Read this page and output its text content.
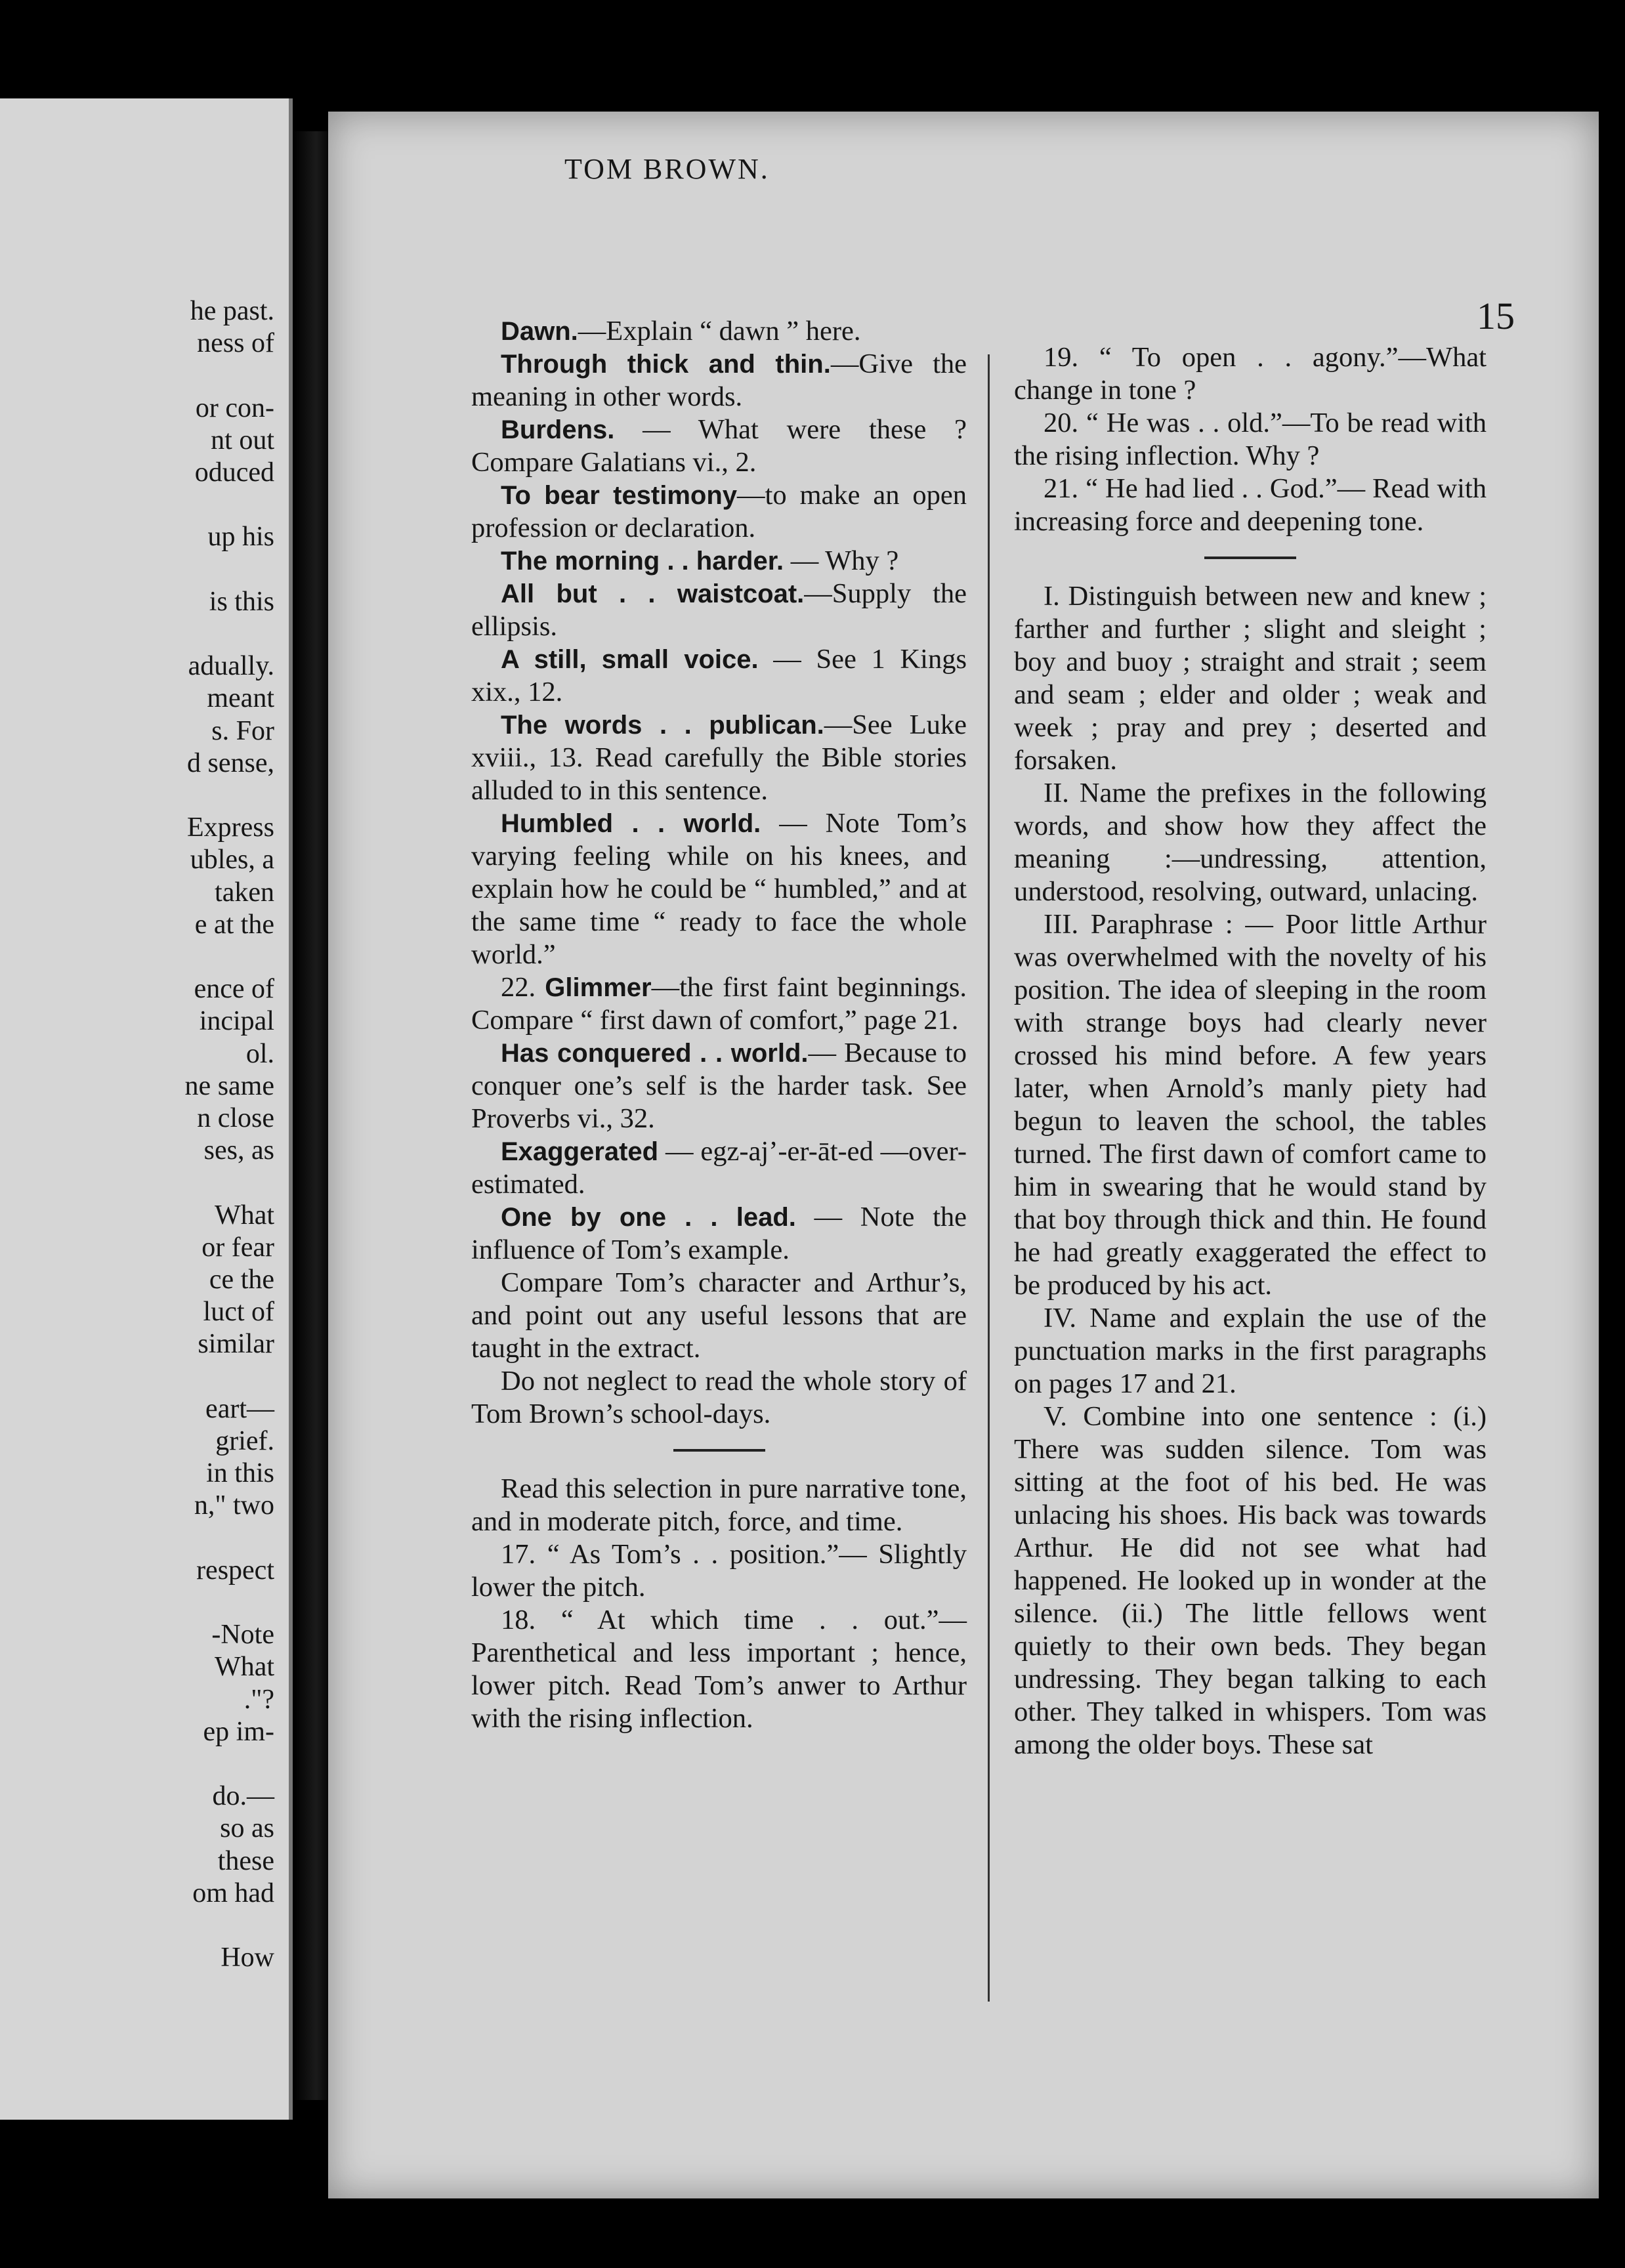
he past.
ness of
or con-
nt out
oduced
up his
is this
adually.
meant
s. For
d sense,
Express
ubles, a
taken
e at the
ence of
incipal
ol.
ne same
n close
ses, as
What
or fear
ce the
luct of
similar
eart—
grief.
in this
n," two
respect
-Note
What
."?
ep im-
do.—
so as
these
om had
How
TOM BROWN.
15

Dawn.—Explain “ dawn ” here.

Through thick and thin.—Give the meaning in other words.

Burdens. — What were these ? Compare Galatians vi., 2.

To bear testimony—to make an open profession or declaration.

The morning . . harder. — Why ?

All but . . waistcoat.—Supply the ellipsis.

A still, small voice. — See 1 Kings xix., 12.

The words . . publican.—See Luke xviii., 13. Read carefully the Bible stories alluded to in this sentence.

Humbled . . world. — Note Tom’s varying feeling while on his knees, and explain how he could be “ humbled,” and at the same time “ ready to face the whole world.”

22. Glimmer—the first faint beginnings. Compare “ first dawn of comfort,” page 21.

Has conquered . . world.— Because to conquer one’s self is the harder task. See Proverbs vi., 32.

Exaggerated — egz-aj’-er-āt-ed —over-estimated.

One by one . . lead. — Note the influence of Tom’s example.

Compare Tom’s character and Arthur’s, and point out any useful lessons that are taught in the extract.

Do not neglect to read the whole story of Tom Brown’s school-days.

Read this selection in pure narrative tone, and in moderate pitch, force, and time.

17. “ As Tom’s . . position.”— Slightly lower the pitch.

18. “ At which time . . out.”— Parenthetical and less important ; hence, lower pitch. Read Tom’s anwer to Arthur with the rising inflection.

19. “ To open . . agony.”—What change in tone ?

20. “ He was . . old.”—To be read with the rising inflection. Why ?

21. “ He had lied . . God.”— Read with increasing force and deepening tone.

I. Distinguish between new and knew ; farther and further ; slight and sleight ; boy and buoy ; straight and strait ; seem and seam ; elder and older ; weak and week ; pray and prey ; deserted and forsaken.

II. Name the prefixes in the following words, and show how they affect the meaning :—undressing, attention, understood, resolving, outward, unlacing.

III. Paraphrase : — Poor little Arthur was overwhelmed with the novelty of his position. The idea of sleeping in the room with strange boys had clearly never crossed his mind before. A few years later, when Arnold’s manly piety had begun to leaven the school, the tables turned. The first dawn of comfort came to him in swearing that he would stand by that boy through thick and thin. He found he had greatly exaggerated the effect to be produced by his act.

IV. Name and explain the use of the punctuation marks in the first paragraphs on pages 17 and 21.

V. Combine into one sentence : (i.) There was sudden silence. Tom was sitting at the foot of his bed. He was unlacing his shoes. His back was towards Arthur. He did not see what had happened. He looked up in wonder at the silence. (ii.) The little fellows went quietly to their own beds. They began undressing. They began talking to each other. They talked in whispers. Tom was among the older boys. These sat
